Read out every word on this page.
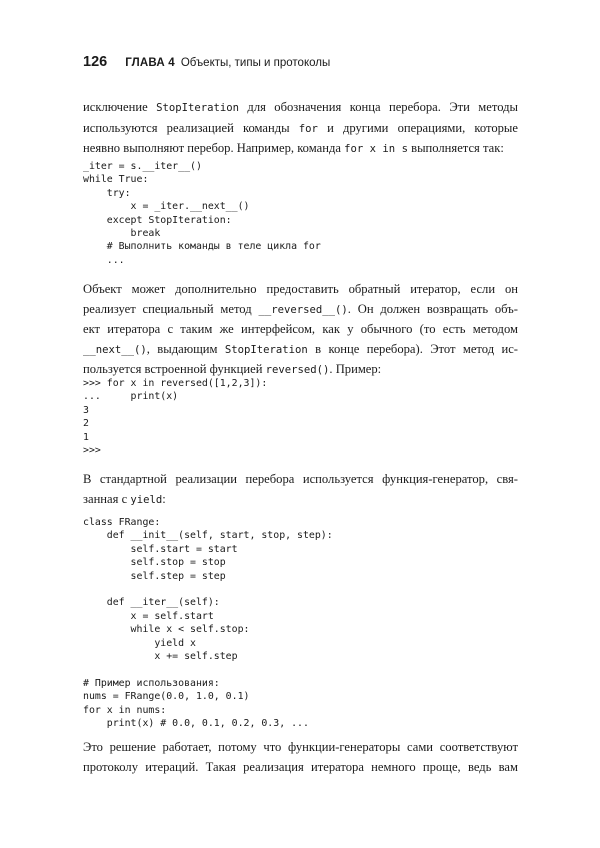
126 ГЛАВА 4 Объекты, типы и протоколы
исключение StopIteration для обозначения конца перебора. Эти методы
используются реализацией команды for и другими операциями, которые
неявно выполняют перебор. Например, команда for x in s выполняется так:
_iter = s.__iter__()
while True:
try:
x = _iter.__next__()
except StopIteration:
break
# Выполнить команды в теле цикла for
...
Объект может дополнительно предоставить обратный итератор, если он
реализует специальный метод __reversed__(). Он должен возвращать объ-
ект итератора с таким же интерфейсом, как у обычного (то есть методом
__next__(), выдающим StopIteration в конце перебора). Этот метод ис-
пользуется встроенной функцией reversed(). Пример:
>>> for x in reversed([1,2,3]):
...     print(x)
3
2
1
>>>
В стандартной реализации перебора используется функция-генератор, свя-
занная с yield:
class FRange:
def __init__(self, start, stop, step):
self.start = start
self.stop = stop
self.step = step

def __iter__(self):
x = self.start
while x < self.stop:
yield x
x += self.step

# Пример использования:
nums = FRange(0.0, 1.0, 0.1)
for x in nums:
print(x) # 0.0, 0.1, 0.2, 0.3, ...
Это решение работает, потому что функции-генераторы сами соответствуют
протоколу итераций. Такая реализация итератора немного проще, ведь вам
